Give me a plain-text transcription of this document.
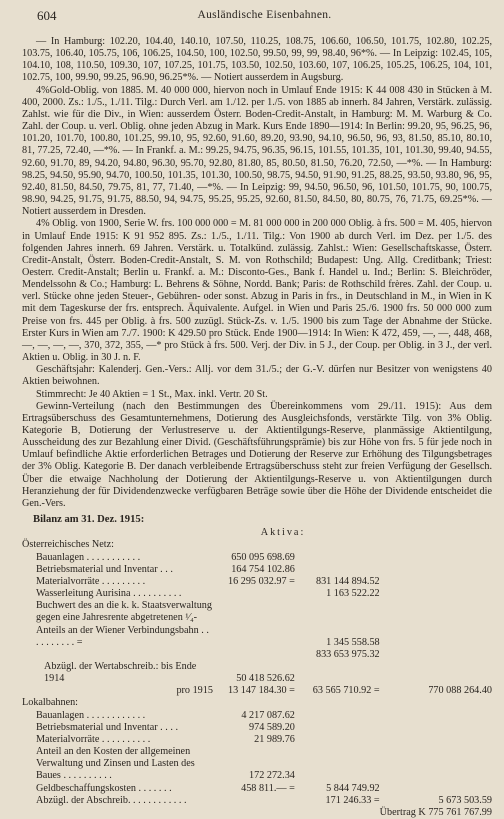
604	Ausländische Eisenbahnen.

— In Hamburg: 102.20, 104.40, 140.10, 107.50, 110.25, 108.75, 106.60, 106.50, 101.75, 102.80, 102.25, 103.75, 106.40, 105.75, 106, 106.25, 104.50, 100, 102.50, 99.50, 99, 99, 98.40, 96*%. — In Leipzig: 102.45, 105, 104.10, 108, 110.50, 109.30, 107, 107.25, 101.75, 103.50, 102.50, 103.60, 107, 106.25, 105.25, 106.25, 104, 101, 102.75, 100, 99.90, 99.25, 96.90, 96.25*%. — Notiert ausserdem in Augsburg.

4%Gold-Oblig. von 1885. M. 40 000 000, hiervon noch in Umlauf Ende 1915: K 44 008 430 in Stücken à M. 400, 2000. Zs.: 1./5., 1./11. Tilg.: Durch Verl. am 1./12. per 1./5. von 1885 ab innerh. 84 Jahren, Verstärk. zulässig. Zahlst. wie für die Div., in Wien: ausserdem Österr. Boden-Credit-Anstalt, in Hamburg: M. M. Warburg & Co. Zahl. der Coup. u. verl. Oblig. ohne jeden Abzug in Mark. Kurs Ende 1890—1914: In Berlin: 99.20, 95, 96.25, 96, 101.20, 101.70, 100.80, 101.25, 99.10, 95, 92.60, 91.60, 89.20, 93.90, 94.10, 96.50, 96, 93, 81.50, 85.10, 80.10, 81, 77.25, 72.40, —*%. — In Frankf. a. M.: 99.25, 94.75, 96.35, 96.15, 101.55, 101.35, 101, 101.30, 99.40, 94.55, 92.60, 91.70, 89, 94.20, 94.80, 96.30, 95.70, 92.80, 81.80, 85, 80.50, 81.50, 76.20, 72.50, —*%. — In Hamburg: 98.25, 94.50, 95.90, 94.70, 100.50, 101.35, 101.30, 100.50, 98.75, 94.50, 91.90, 91.25, 88.25, 93.50, 93.80, 96, 95, 92.40, 81.50, 84.50, 79.75, 81, 77, 71.40, —*%. — In Leipzig: 99, 94.50, 96.50, 96, 101.50, 101.75, 90, 100.75, 98.90, 94.25, 91.75, 91.75, 88.50, 94, 94.75, 95.25, 95.25, 92.60, 81.50, 84.50, 80, 80.75, 76, 71.75, 69.25*%. — Notiert ausserdem in Dresden.

4% Oblig. von 1900, Serie W. frs. 100 000 000 = M. 81 000 000 in 200 000 Oblig. à frs. 500 = M. 405, hiervon in Umlauf Ende 1915: K 91 952 895. Zs.: 1./5., 1./11. Tilg.: Von 1900 ab durch Verl. im Dez. per 1./5. des folgenden Jahres innerh. 69 Jahren. Verstärk. u. Totalkünd. zulässig. Zahlst.: Wien: Gesellschaftskasse, Österr. Credit-Anstalt, Österr. Boden-Credit-Anstalt, S. M. von Rothschild; Budapest: Ung. Allg. Creditbank; Triest: Oesterr. Credit-Anstalt; Berlin u. Frankf. a. M.: Disconto-Ges., Bank f. Handel u. Ind.; Berlin: S. Bleichröder, Mendelssohn & Co.; Hamburg: L. Behrens & Söhne, Nordd. Bank; Paris: de Rothschild frères. Zahl. der Coup. u. verl. Stücke ohne jeden Steuer-, Gebühren- oder sonst. Abzug in Paris in frs., in Deutschland in M., in Wien in K mit dem Tageskurse der frs. entsprech. Äquivalente. Aufgel. in Wien und Paris 25./6. 1900 frs. 50 000 000 zum Preise von frs. 445 per Oblig. à frs. 500 zuzügl. Stück-Zs. v. 1./5. 1900 bis zum Tage der Abnahme der Stücke. Erster Kurs in Wien am 7./7. 1900: K 429.50 pro Stück. Ende 1900—1914: In Wien: K 472, 459, —, —, 448, 468, —, —, —, —, 370, 372, 355, —* pro Stück à frs. 500. Verj. der Div. in 5 J., der Coup. per Oblig. in 3 J., der verl. Aktien u. Oblig. in 30 J. n. F.

Geschäftsjahr: Kalenderj. Gen.-Vers.: Allj. vor dem 31./5.; der G.-V. dürfen nur Besitzer von wenigstens 40 Aktien beiwohnen.

Stimmrecht: Je 40 Aktien = 1 St., Max. inkl. Vertr. 20 St.

Gewinn-Verteilung (nach den Bestimmungen des Übereinkommens vom 29./11. 1915): Aus dem Ertragsüberschuss des Gesamtunternehmens, Dotierung des Ausgleichsfonds, verstärkte Tilg. von 3% Oblig. Kategorie B, Dotierung der Verlustreserve u. der Aktientilgungs-Reserve, planmässige Aktientilgung, Ausscheidung des zur Bezahlung einer Divid. (Geschäftsführungsprämie) bis zur Höhe von frs. 5 für jede noch in Umlauf befindliche Aktie erforderlichen Betrages und Dotierung der Reserve zur Erhöhung des Tilgungsbetrages der 3% Oblig. Kategorie B. Der danach verbleibende Ertragsüberschuss steht zur freien Verfügung der Gesellsch. Über die etwaige Nachholung der Dotierung der Aktientilgungs-Reserve u. von Aktientilgungen durch Heranziehung der für Dividendenzwecke verfügbaren Beträge sowie über die Höhe der Dividende entscheidet die Gen.-Vers.

Bilanz am 31. Dez. 1915:
Aktiva:
Österreichisches Netz:			
Bauanlagen . . . . . . . . . . .	650 095 698.69		
Betriebsmaterial und Inventar . . .	164 754 102.86		
Materialvorräte . . . . . . . . .	16 295 032.97 =	831 144 894.52	
Wasserleitung Aurisina . . . . . . . . . .		1 163 522.22	
Buchwert des an die k. k. Staatsverwaltung gegen eine Jahresrente abgetretenen ¹⁄₄-Anteils an der Wiener Verbindungsbahn . . . . . . . . . . =		1 345 558.58	
		833 653 975.32	
Abzügl. der Wertabschreib.: bis Ende 1914	50 418 526.62		
pro 1915	13 147 184.30 =	63 565 710.92 =	770 088 264.40
Lokalbahnen:			
Bauanlagen . . . . . . . . . . . .	4 217 087.62		
Betriebsmaterial und Inventar . . . .	974 589.20		
Materialvorräte . . . . . . . . . .	21 989.76		
Anteil an den Kosten der allgemeinen Verwaltung und Zinsen und Lasten des Baues . . . . . . . . . .	172 272.34		
Geldbeschaffungskosten . . . . . . .	458 811.— =	5 844 749.92	
Abzügl. der Abschreib. . . . . . . . . . . .		171 246.33 =	5 673 503.59
			Übertrag K 775 761 767.99
